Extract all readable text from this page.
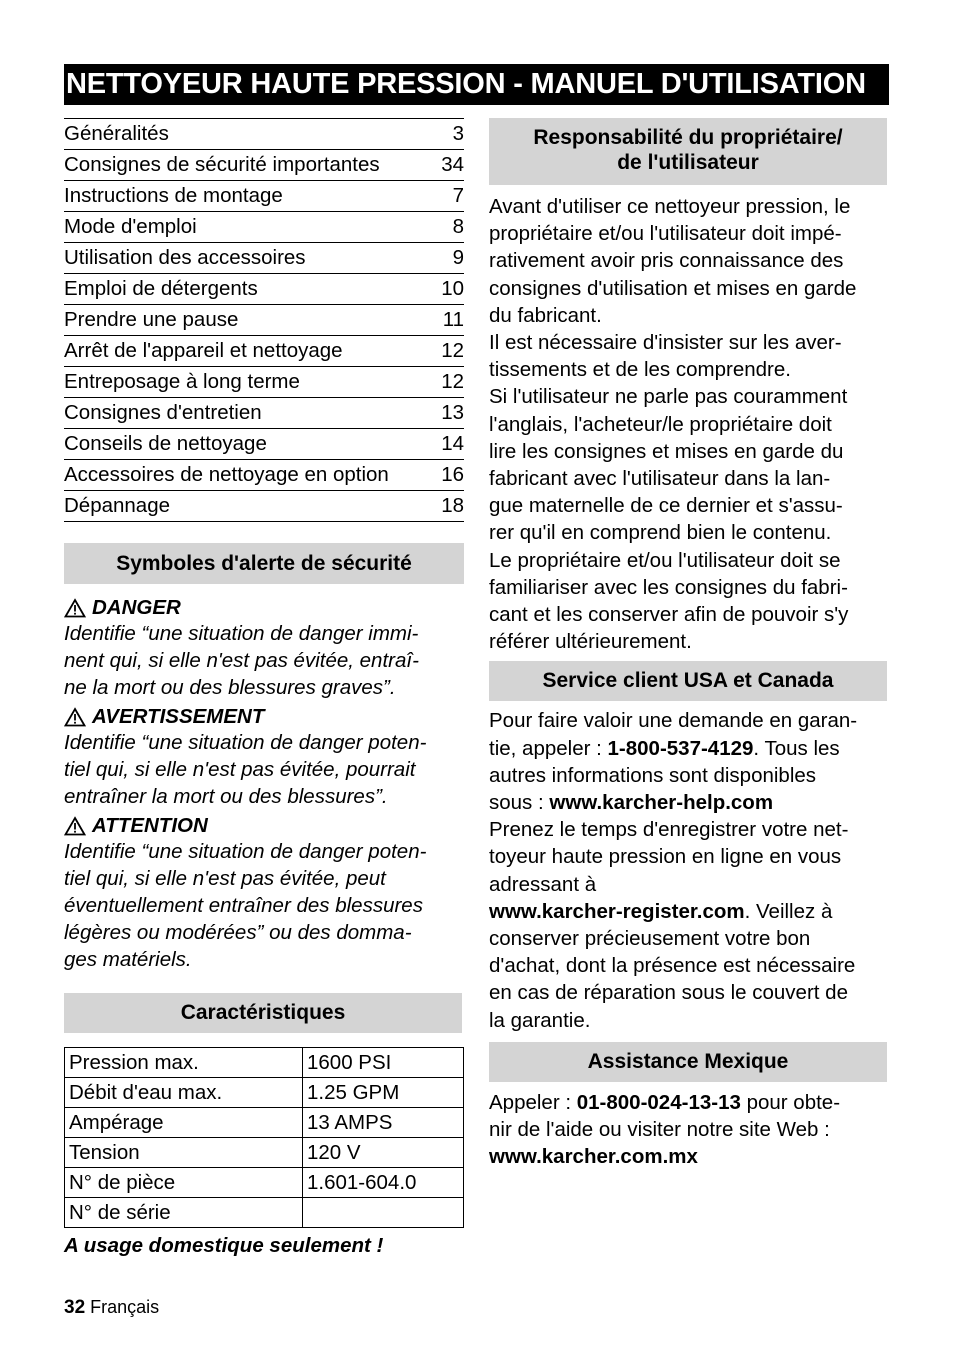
NETTOYEUR HAUTE PRESSION - MANUEL D'UTILISATION
Généralités	3
Consignes de sécurité importantes	34
Instructions de montage	7
Mode d'emploi	8
Utilisation des accessoires	9
Emploi de détergents	10
Prendre une pause	11
Arrêt de l'appareil et nettoyage	12
Entreposage à long terme	12
Consignes d'entretien	13
Conseils de nettoyage	14
Accessoires de nettoyage en option	16
Dépannage	18
Symboles d'alerte de sécurité
DANGER
Identifie “une situation de danger immi-
nent qui, si elle n'est pas évitée, entraî-
ne la mort ou des blessures graves”.
AVERTISSEMENT
Identifie “une situation de danger poten-
tiel qui, si elle n'est pas évitée, pourrait
entraîner la mort ou des blessures”.
ATTENTION
Identifie “une situation de danger poten-
tiel qui, si elle n'est pas évitée, peut
éventuellement entraîner des blessures
légères ou modérées” ou des domma-
ges matériels.
Caractéristiques
Pression max.	1600 PSI
Débit d'eau max.	1.25 GPM
Ampérage	13 AMPS
Tension	120 V
N° de pièce	1.601-604.0
N° de série	
A usage domestique seulement !
Responsabilité du propriétaire/
de l'utilisateur
Avant d'utiliser ce nettoyeur pression, le
propriétaire et/ou l'utilisateur doit impé-
rativement avoir pris connaissance des
consignes d'utilisation et mises en garde
du fabricant.
Il est nécessaire d'insister sur les aver-
tissements et de les comprendre.
Si l'utilisateur ne parle pas couramment
l'anglais, l'acheteur/le propriétaire doit
lire les consignes et mises en garde du
fabricant avec l'utilisateur dans la lan-
gue maternelle de ce dernier et s'assu-
rer qu'il en comprend bien le contenu.
Le propriétaire et/ou l'utilisateur doit se
familiariser avec les consignes du fabri-
cant et les conserver afin de pouvoir s'y
référer ultérieurement.
Service client USA et Canada
Pour faire valoir une demande en garan-
tie, appeler : 1-800-537-4129. Tous les
autres informations sont disponibles
sous : www.karcher-help.com
Prenez le temps d'enregistrer votre net-
toyeur haute pression en ligne en vous
adressant à
www.karcher-register.com. Veillez à
conserver précieusement votre bon
d'achat, dont la présence est nécessaire
en cas de réparation sous le couvert de
la garantie.
Assistance Mexique
Appeler : 01-800-024-13-13 pour obte-
nir de l'aide ou visiter notre site Web :
www.karcher.com.mx
32 Français
